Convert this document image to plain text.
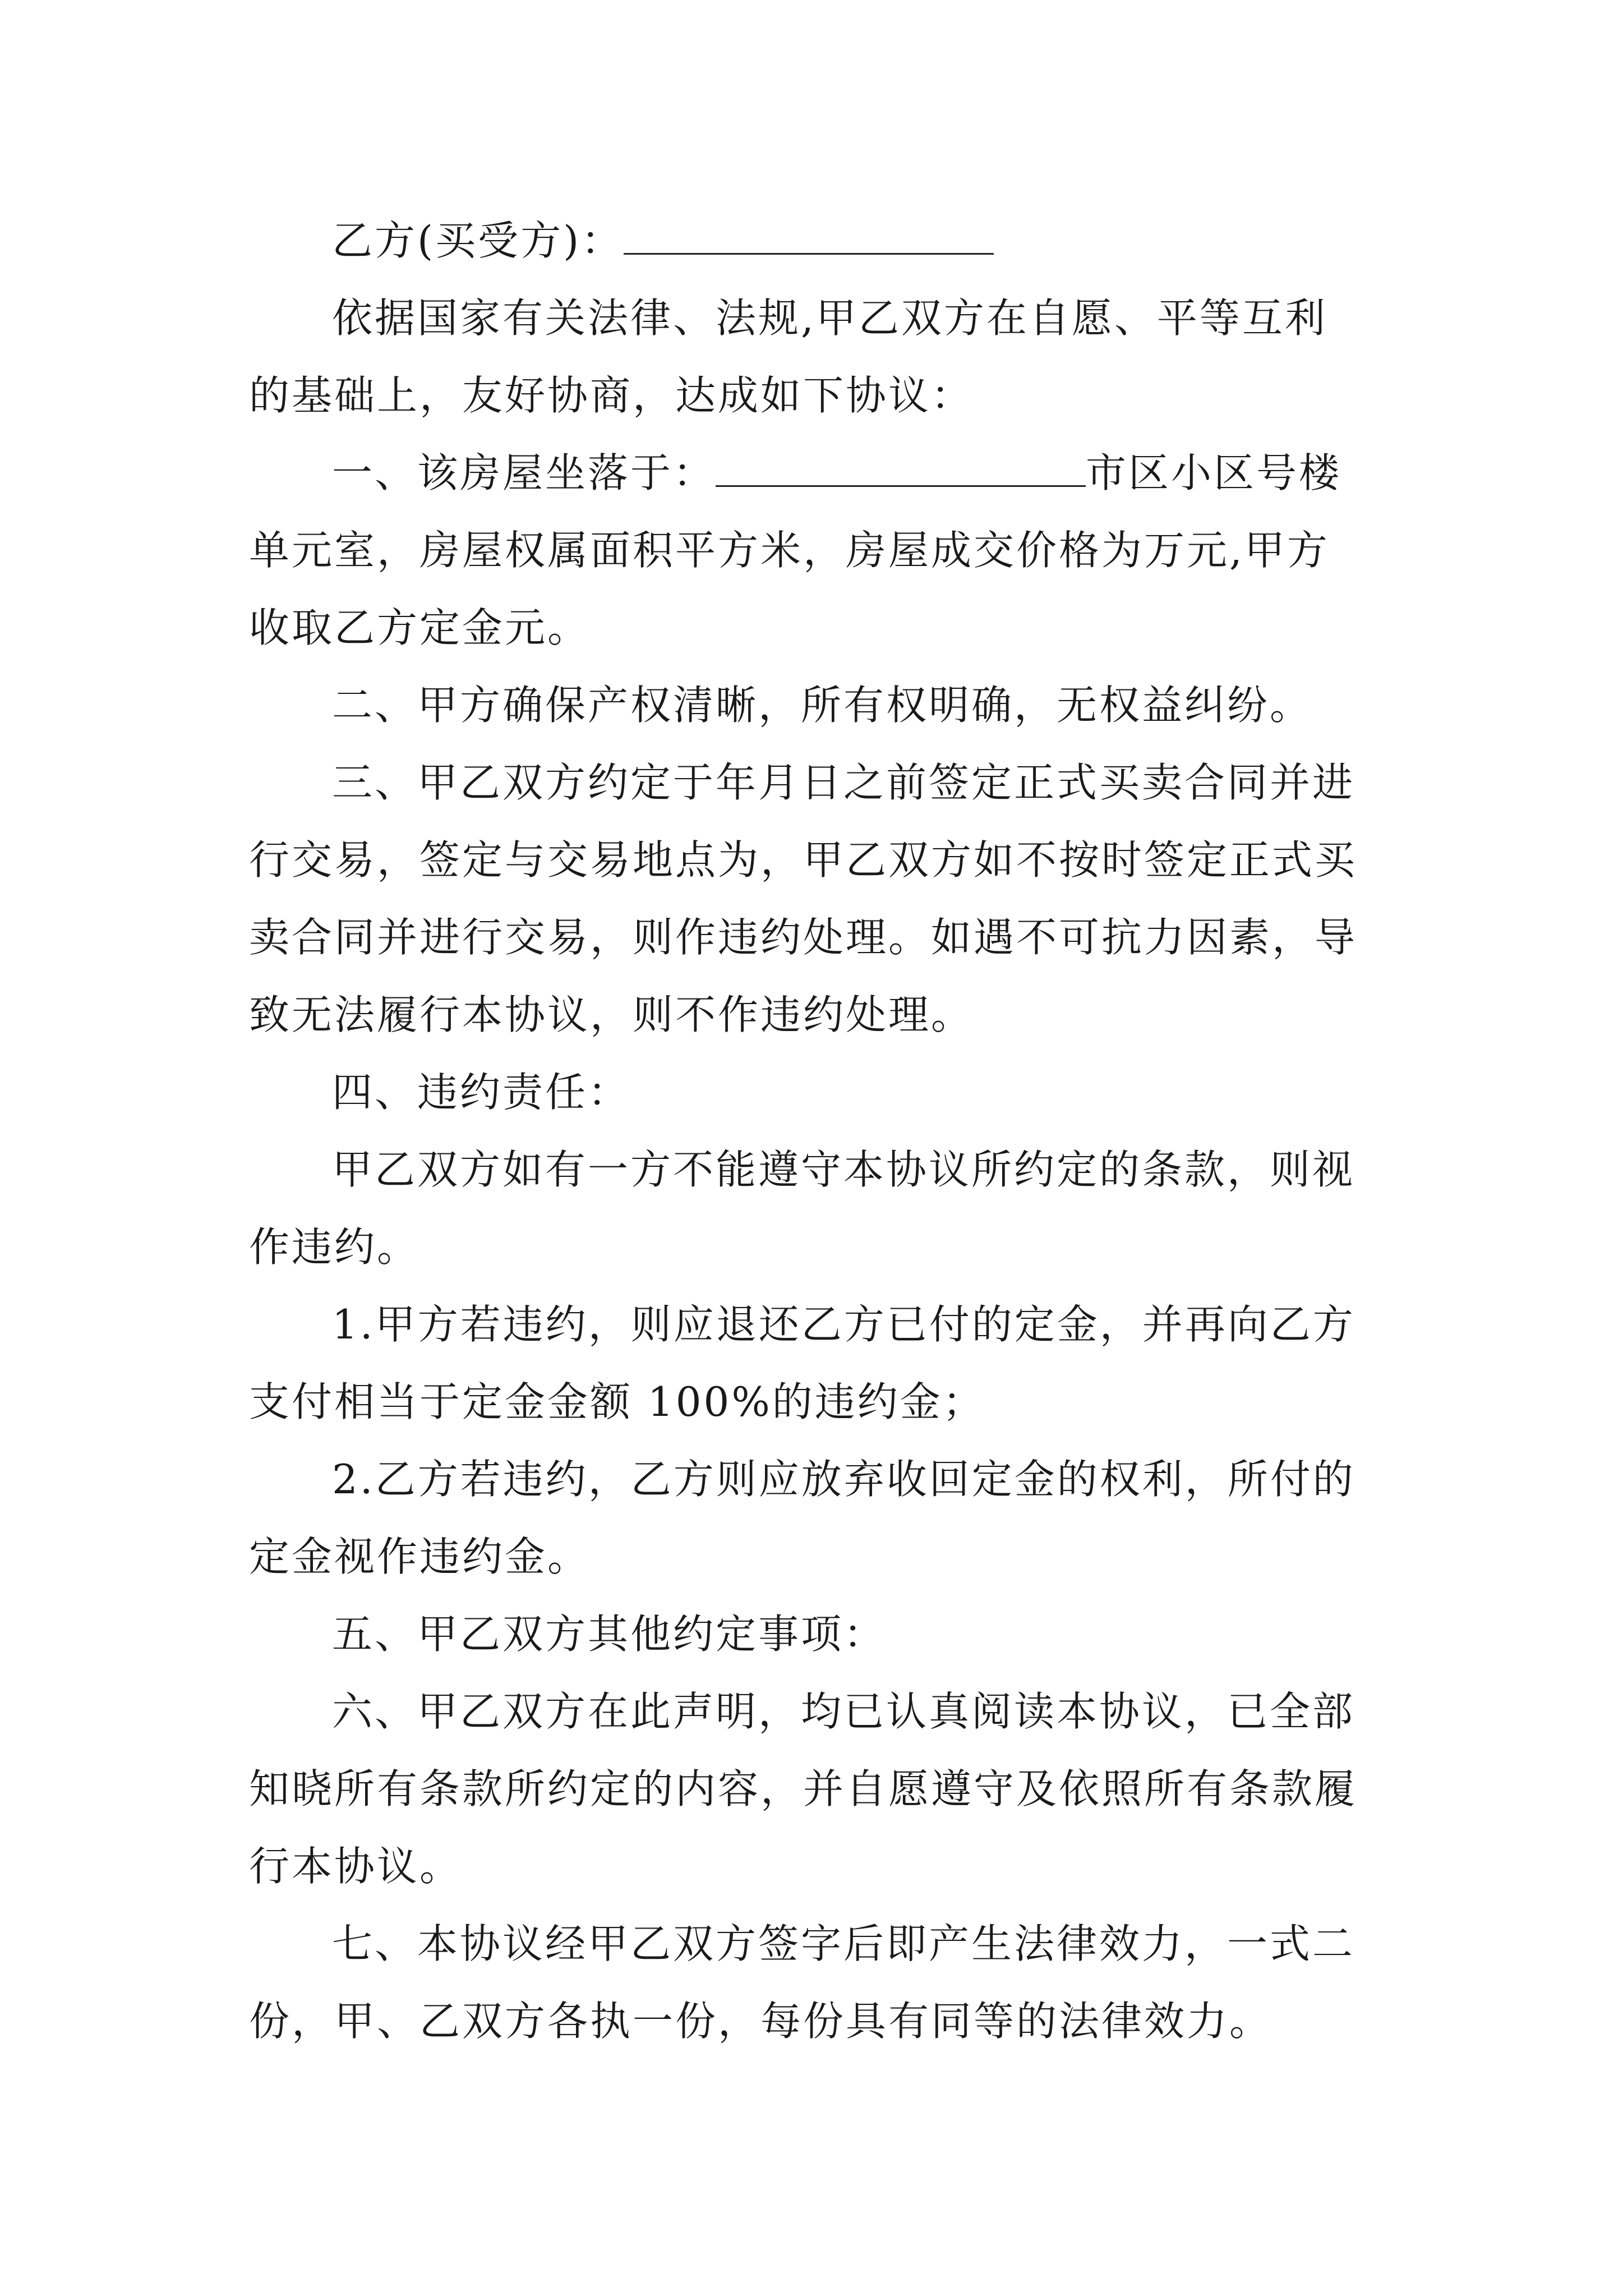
乙方(买受方)：
依据国家有关法律、法规,甲乙双方在自愿、平等互利
的基础上，友好协商，达成如下协议：
一、该房屋坐落于：	市区小区号楼
单元室，房屋权属面积平方米，房屋成交价格为万元,甲方
收取乙方定金元。
二、甲方确保产权清晰，所有权明确，无权益纠纷。
三、甲乙双方约定于年月日之前签定正式买卖合同并进
行交易，签定与交易地点为，甲乙双方如不按时签定正式买
卖合同并进行交易，则作违约处理。如遇不可抗力因素，导
致无法履行本协议，则不作违约处理。
四、违约责任：
甲乙双方如有一方不能遵守本协议所约定的条款，则视
作违约。
1.甲方若违约，则应退还乙方已付的定金，并再向乙方
支付相当于定金金额 100%的违约金；
2.乙方若违约，乙方则应放弃收回定金的权利，所付的
定金视作违约金。
五、甲乙双方其他约定事项：
六、甲乙双方在此声明，均已认真阅读本协议，已全部
知晓所有条款所约定的内容，并自愿遵守及依照所有条款履
行本协议。
七、本协议经甲乙双方签字后即产生法律效力，一式二
份，甲、乙双方各执一份，每份具有同等的法律效力。
